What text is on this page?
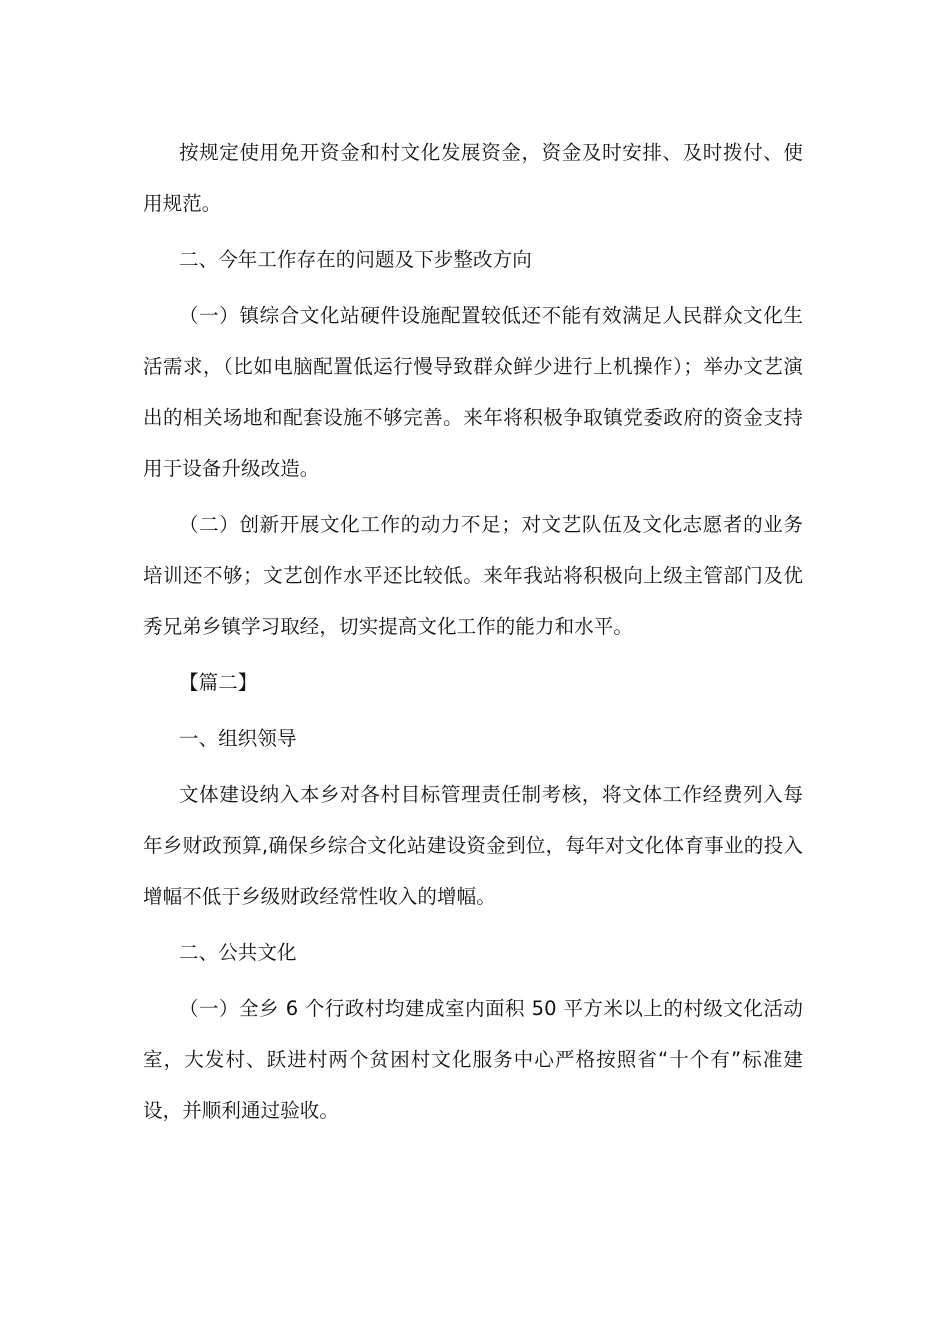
按规定使用免开资金和村文化发展资金，资金及时安排、及时拨付、使用规范。

二、今年工作存在的问题及下步整改方向

（一）镇综合文化站硬件设施配置较低还不能有效满足人民群众文化生活需求，（比如电脑配置低运行慢导致群众鲜少进行上机操作）；举办文艺演出的相关场地和配套设施不够完善。来年将积极争取镇党委政府的资金支持用于设备升级改造。

（二）创新开展文化工作的动力不足；对文艺队伍及文化志愿者的业务培训还不够；文艺创作水平还比较低。来年我站将积极向上级主管部门及优秀兄弟乡镇学习取经，切实提高文化工作的能力和水平。

【篇二】

一、组织领导

文体建设纳入本乡对各村目标管理责任制考核，将文体工作经费列入每年乡财政预算,确保乡综合文化站建设资金到位，每年对文化体育事业的投入增幅不低于乡级财政经常性收入的增幅。

二、公共文化

（一）全乡 6 个行政村均建成室内面积 50 平方米以上的村级文化活动室，大发村、跃进村两个贫困村文化服务中心严格按照省“十个有”标准建设，并顺利通过验收。
